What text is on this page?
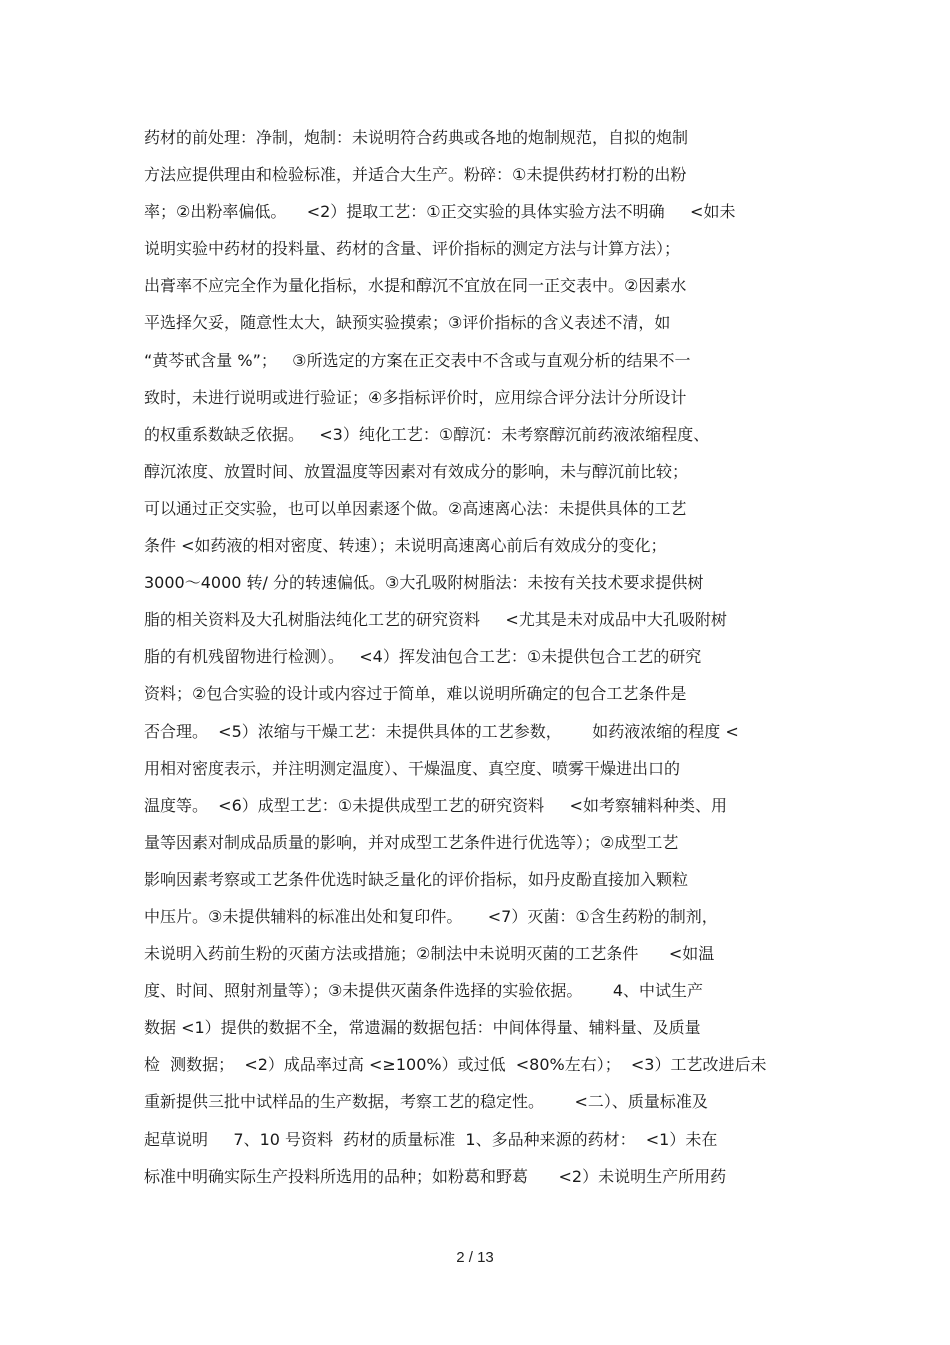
药材的前处理：净制，炮制：未说明符合药典或各地的炮制规范，自拟的炮制
方法应提供理由和检验标准，并适合大生产。粉碎：①未提供药材打粉的出粉
率；②出粉率偏低。    <2）提取工艺：①正交实验的具体实验方法不明确     <如未
说明实验中药材的投料量、药材的含量、评价指标的测定方法与计算方法）；
出膏率不应完全作为量化指标，水提和醇沉不宜放在同一正交表中。②因素水
平选择欠妥，随意性太大，缺预实验摸索；③评价指标的含义表述不清，如
“黄芩甙含量 %”；   ③所选定的方案在正交表中不含或与直观分析的结果不一
致时，未进行说明或进行验证；④多指标评价时，应用综合评分法计分所设计
的权重系数缺乏依据。   <3）纯化工艺：①醇沉：未考察醇沉前药液浓缩程度、
醇沉浓度、放置时间、放置温度等因素对有效成分的影响，未与醇沉前比较；
可以通过正交实验，也可以单因素逐个做。②高速离心法：未提供具体的工艺
条件 <如药液的相对密度、转速）；未说明高速离心前后有效成分的变化；
3000～4000 转/ 分的转速偏低。③大孔吸附树脂法：未按有关技术要求提供树
脂的相关资料及大孔树脂法纯化工艺的研究资料     <尤其是未对成品中大孔吸附树
脂的有机残留物进行检测）。   <4）挥发油包合工艺：①未提供包合工艺的研究
资料；②包合实验的设计或内容过于简单，难以说明所确定的包合工艺条件是
否合理。  <5）浓缩与干燥工艺：未提供具体的工艺参数，      如药液浓缩的程度 <
用相对密度表示，并注明测定温度）、干燥温度、真空度、喷雾干燥进出口的
温度等。  <6）成型工艺：①未提供成型工艺的研究资料     <如考察辅料种类、用
量等因素对制成品质量的影响，并对成型工艺条件进行优选等）；②成型工艺
影响因素考察或工艺条件优选时缺乏量化的评价指标，如丹皮酚直接加入颗粒
中压片。③未提供辅料的标准出处和复印件。     <7）灭菌：①含生药粉的制剂，
未说明入药前生粉的灭菌方法或措施；②制法中未说明灭菌的工艺条件      <如温
度、时间、照射剂量等）；③未提供灭菌条件选择的实验依据。      4、中试生产
数据 <1）提供的数据不全，常遗漏的数据包括：中间体得量、辅料量、及质量
检  测数据；  <2）成品率过高 <≥100%）或过低  <80%左右）；  <3）工艺改进后未
重新提供三批中试样品的生产数据，考察工艺的稳定性。      <二）、质量标准及
起草说明     7、10 号资料  药材的质量标准  1、多品种来源的药材：  <1）未在
标准中明确实际生产投料所选用的品种；如粉葛和野葛      <2）未说明生产所用药
2 / 13
